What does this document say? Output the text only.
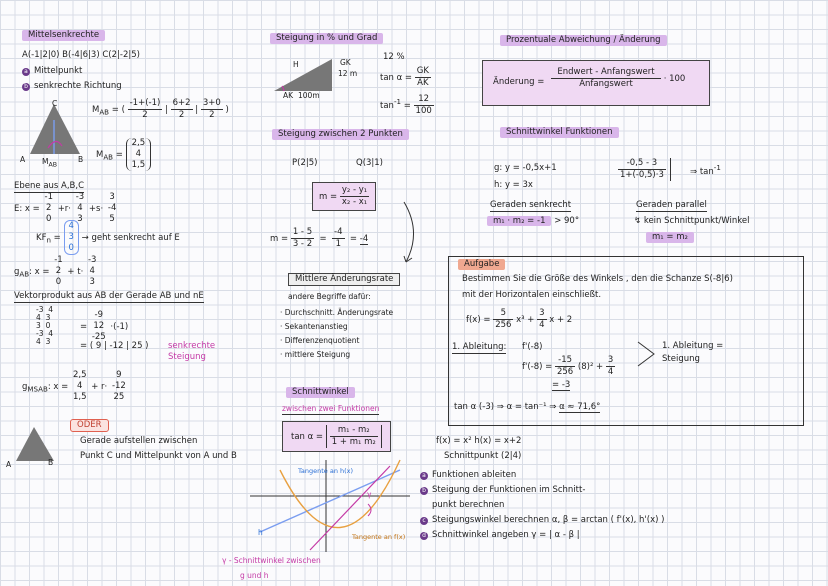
Mittelsenkrechte
A(-1|2|0) B(-4|6|3) C(2|-2|5)
a Mittelpunkt
b senkrechte Richtung
C
A	B
$M_{AB}$
$M_{AB}$ = ( $\frac{-1+(-1)}{2}$ | $\frac{6+2}{2}$ | $\frac{3+0}{2}$ )
$M_{AB}$ =
2,5
4
1,5
Ebene aus A,B,C
E: x =
-1
2
0
+r·
-3
4
3
+s·
3
-4
5
$KF_n$ =
4
3
0
→ geht senkrecht auf E
$g_{AB}$: x =
-1
2
0
+ t·
-3
4
3
Vektorprodukt aus AB der Gerade AB und nE
-3 4
4 3
3 0
-3 4
4 3
=
-9
12
-25
·(-1)
= ( 9 | -12 | 25 ) senkrechte Steigung
$g_{MSAB}$: x =
2,5
4
1,5
+ r·
9
-12
25
ODER
Gerade aufstellen zwischen
Punkt C und Mittelpunkt von A und B
A	B
Steigung in % und Grad
H	GK
12 m
AK 100m
12 %
$\tan \alpha = \frac{GK}{AK}$
$\tan^{-1} = \frac{12}{100}$
Steigung zwischen 2 Punkten
P(2|5)	Q(3|1)
$m = \frac{\text{y₂ - y₁}}{\text{x₂ - x₁}}$
$m = \frac{1 - 5}{3 - 2} = \frac{-4}{1} = -4$
Mittlere Änderungsrate
andere Begriffe dafür:
· Durchschnitt. Änderungsrate
· Sekantenanstieg
· Differenzenquotient
· mittlere Steigung
Schnittwinkel
zwischen zwei Funktionen
$\tan \alpha = \frac{\text{m₁ - m₂}}{\text{1 + m₁ m₂}}$
Tangente an h(x)
Tangente an f(x)
γ
h
γ - Schnittwinkel zwischen
g und h
Prozentuale Abweichung / Änderung
Änderung = $\frac{\text{Endwert - Anfangswert}}{\text{Anfangswert}} \cdot 100$
Schnittwinkel Funktionen
g: y = -0,5x+1
h: y = 3x
$\frac{-0,5 - 3}{1+(-0,5)\cdot 3}$ ⇒ $\tan^{-1}$
Geraden senkrecht
m₁ · m₂ = -1 > 90°
Geraden parallel
↯ kein Schnittpunkt/Winkel
m₁ = m₂
Aufgabe
Bestimmen Sie die Größe des Winkels , den die Schanze S(-8|6)
mit der Horizontalen einschließt.
$f(x) = \frac{5}{256} x^3 + \frac{3}{4}$ x + 2
1. Ableitung: f'(-8)
$f'(-8) = \frac{-15}{256} (8)^2 + \frac{3}{4}$
= -3
1. Ableitung =
Steigung
tan α (-3) ⇒ α = tan⁻¹ ⇒ α ≈ 71,6°
f(x) = x² h(x) = x+2
Schnittpunkt (2|4)
a Funktionen ableiten
b Steigung der Funktionen im Schnitt-
punkt berechnen
c Steigungswinkel berechnen α, β = arctan ( f'(x), h'(x) )
d Schnittwinkel angeben γ = | α - β |
